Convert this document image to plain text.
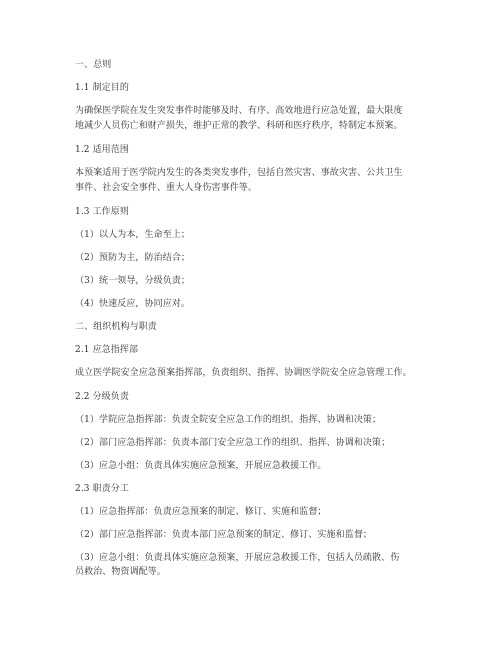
一、总则
1.1 制定目的
为确保医学院在发生突发事件时能够及时、有序、高效地进行应急处置，最大限度
地减少人员伤亡和财产损失，维护正常的教学、科研和医疗秩序，特制定本预案。
1.2 适用范围
本预案适用于医学院内发生的各类突发事件，包括自然灾害、事故灾害、公共卫生
事件、社会安全事件、重大人身伤害事件等。
1.3 工作原则
（1）以人为本，生命至上；
（2）预防为主，防治结合；
（3）统一领导，分级负责；
（4）快速反应，协同应对。
二、组织机构与职责
2.1 应急指挥部
成立医学院安全应急预案指挥部，负责组织、指挥、协调医学院安全应急管理工作。
2.2 分级负责
（1）学院应急指挥部：负责全院安全应急工作的组织、指挥、协调和决策；
（2）部门应急指挥部：负责本部门安全应急工作的组织、指挥、协调和决策；
（3）应急小组：负责具体实施应急预案，开展应急救援工作。
2.3 职责分工
（1）应急指挥部：负责应急预案的制定、修订、实施和监督；
（2）部门应急指挥部：负责本部门应急预案的制定、修订、实施和监督；
（3）应急小组：负责具体实施应急预案，开展应急救援工作，包括人员疏散、伤
员救治、物资调配等。
